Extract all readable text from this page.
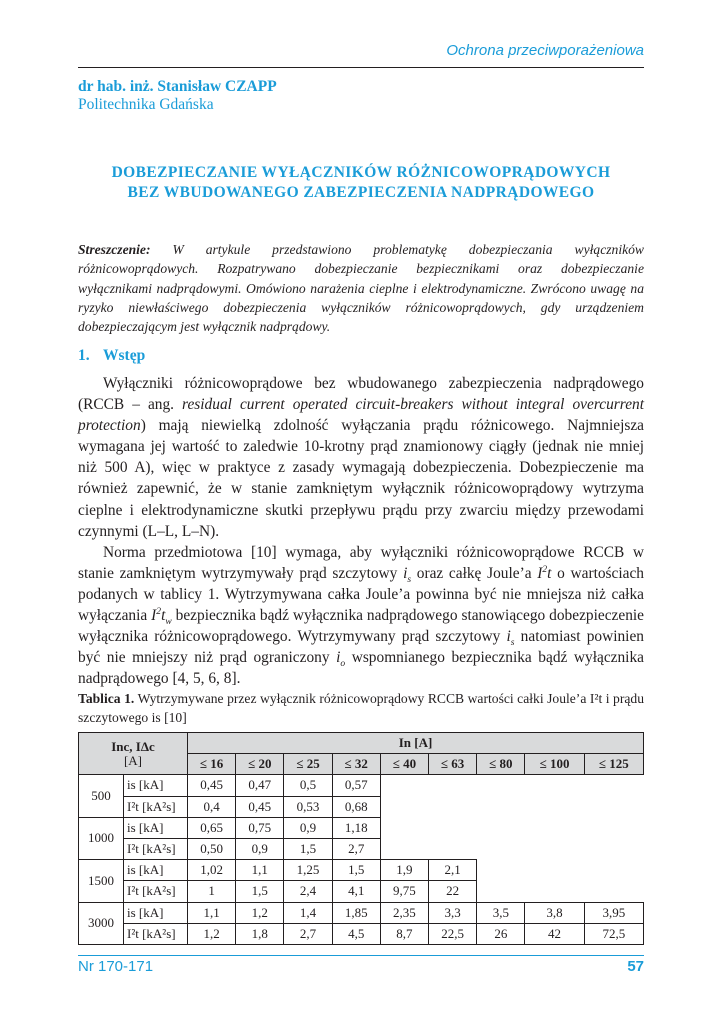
Ochrona przeciwporażeniowa
dr hab. inż. Stanisław CZAPP
Politechnika Gdańska
DOBEZPIECZANIE WYŁĄCZNIKÓW RÓŻNICOWOPRĄDOWYCH
BEZ WBUDOWANEGO ZABEZPIECZENIA NADPRĄDOWEGO
Streszczenie: W artykule przedstawiono problematykę dobezpieczania wyłączników różnicowoprądowych. Rozpatrywano dobezpieczanie bezpiecznikami oraz dobezpieczanie wyłącznikami nadprądowymi. Omówiono narażenia cieplne i elektrodynamiczne. Zwrócono uwagę na ryzyko niewłaściwego dobezpieczenia wyłączników różnicowoprądowych, gdy urządzeniem dobezpieczającym jest wyłącznik nadprądowy.
1. Wstęp

Wyłączniki różnicowoprądowe bez wbudowanego zabezpieczenia nadprądowego (RCCB – ang. residual current operated circuit-breakers without integral overcurrent protection) mają niewielką zdolność wyłączania prądu różnicowego. Najmniejsza wymagana jej wartość to zaledwie 10-krotny prąd znamionowy ciągły (jednak nie mniej niż 500 A), więc w praktyce z zasady wymagają dobezpieczenia. Dobezpieczenie ma również zapewnić, że w stanie zamkniętym wyłącznik różnicowoprądowy wytrzyma cieplne i elektrodynamiczne skutki przepływu prądu przy zwarciu między przewodami czynnymi (L–L, L–N).

Norma przedmiotowa [10] wymaga, aby wyłączniki różnicowoprądowe RCCB w stanie zamkniętym wytrzymywały prąd szczytowy $i_s$ oraz całkę Joule’a $I^2t$ o wartościach podanych w tablicy 1. Wytrzymywana całka Joule’a powinna być nie mniejsza niż całka wyłączania $I^2t_w$ bezpiecznika bądź wyłącznika nadprądowego stanowiącego dobezpieczenie wyłącznika różnicowoprądowego. Wytrzymywany prąd szczytowy $i_s$ natomiast powinien być nie mniejszy niż prąd ograniczony $i_o$ wspomnianego bezpiecznika bądź wyłącznika nadprądowego [4, 5, 6, 8].

Tablica 1. Wytrzymywane przez wyłącznik różnicowoprądowy RCCB wartości całki Joule’a I²t i prądu szczytowego is [10]
Inc, IΔc
[A]		In [A]								
		≤ 16	≤ 20	≤ 25	≤ 32	≤ 40	≤ 63	≤ 80	≤ 100	≤ 125
500	is [kA]	0,45	0,47	0,5	0,57					
	I²t [kA²s]	0,4	0,45	0,53	0,68					
1000	is [kA]	0,65	0,75	0,9	1,18					
	I²t [kA²s]	0,50	0,9	1,5	2,7					
1500	is [kA]	1,02	1,1	1,25	1,5	1,9	2,1			
	I²t [kA²s]	1	1,5	2,4	4,1	9,75	22			
3000	is [kA]	1,1	1,2	1,4	1,85	2,35	3,3	3,5	3,8	3,95
	I²t [kA²s]	1,2	1,8	2,7	4,5	8,7	22,5	26	42	72,5
Nr 170-171	57
